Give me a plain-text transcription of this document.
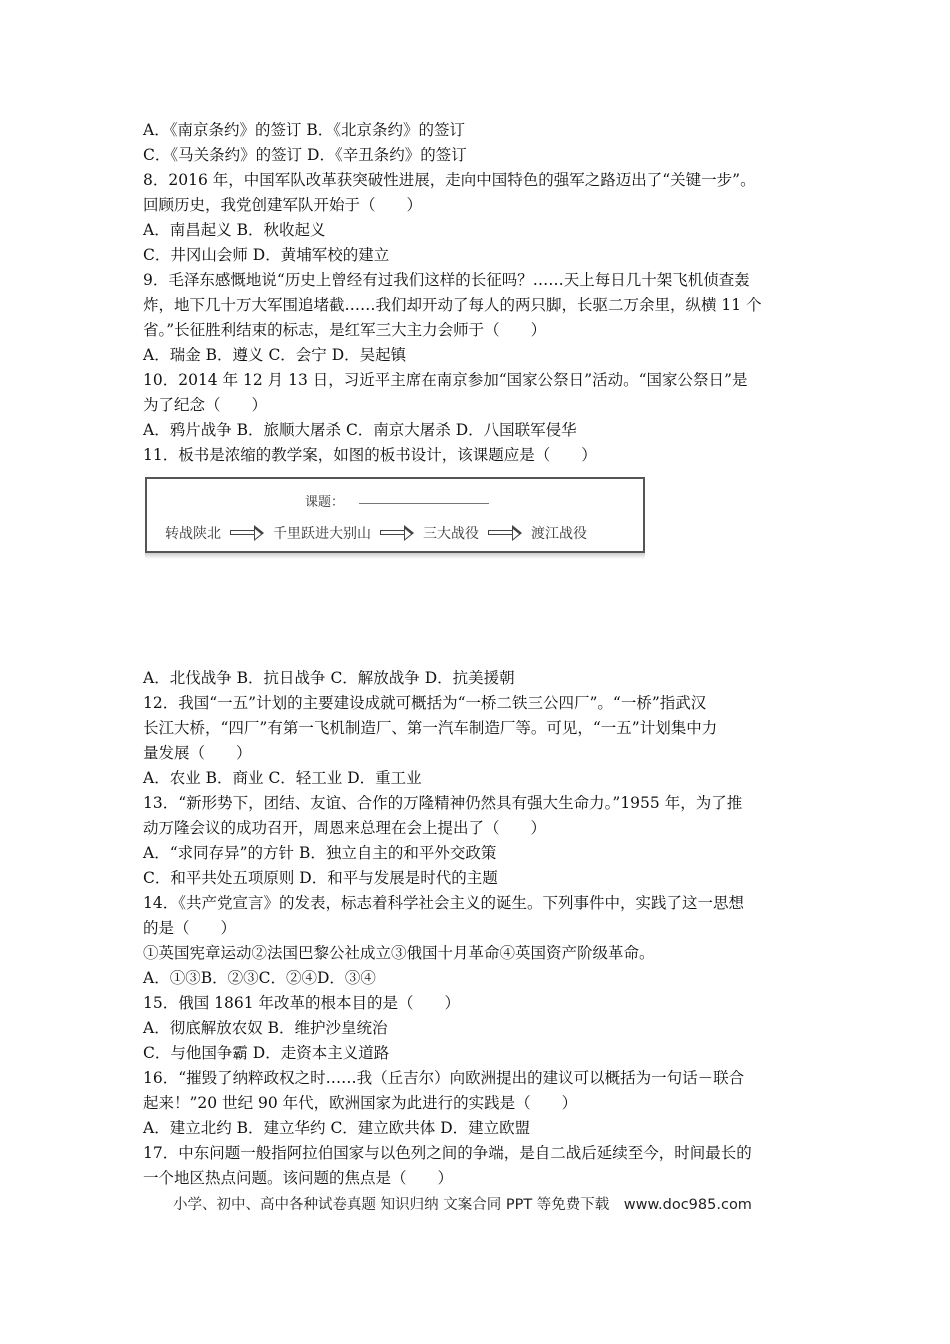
A．《南京条约》的签订 B．《北京条约》的签订
C．《马关条约》的签订 D．《辛丑条约》的签订
8．2016 年，中国军队改革获突破性进展，走向中国特色的强军之路迈出了“关键一步”。
回顾历史，我党创建军队开始于（　　）
A．南昌起义 B．秋收起义
C．井冈山会师 D．黄埔军校的建立
9．毛泽东感慨地说“历史上曾经有过我们这样的长征吗？……天上每日几十架飞机侦查轰
炸，地下几十万大军围追堵截……我们却开动了每人的两只脚，长驱二万余里，纵横 11 个
省。”长征胜利结束的标志，是红军三大主力会师于（　　）
A．瑞金 B．遵义 C．会宁 D．吴起镇
10．2014 年 12 月 13 日，习近平主席在南京参加“国家公祭日”活动。“国家公祭日”是
为了纪念（　　）
A．鸦片战争 B．旅顺大屠杀 C．南京大屠杀 D．八国联军侵华
11．板书是浓缩的教学案，如图的板书设计，该课题应是（　　）
课题：
转战陕北	千里跃进大别山	三大战役	渡江战役
A．北伐战争 B．抗日战争 C．解放战争 D．抗美援朝
12．我国“一五”计划的主要建设成就可概括为“一桥二铁三公四厂”。“一桥”指武汉
长江大桥，“四厂”有第一飞机制造厂、第一汽车制造厂等。可见，“一五”计划集中力
量发展（　　）
A．农业 B．商业 C．轻工业 D．重工业
13．“新形势下，团结、友谊、合作的万隆精神仍然具有强大生命力。”1955 年，为了推
动万隆会议的成功召开，周恩来总理在会上提出了（　　）
A．“求同存异”的方针 B．独立自主的和平外交政策
C．和平共处五项原则 D．和平与发展是时代的主题
14．《共产党宣言》的发表，标志着科学社会主义的诞生。下列事件中，实践了这一思想
的是（　　）
①英国宪章运动②法国巴黎公社成立③俄国十月革命④英国资产阶级革命。
A．①③B．②③C．②④D．③④
15．俄国 1861 年改革的根本目的是（　　）
A．彻底解放农奴 B．维护沙皇统治
C．与他国争霸 D．走资本主义道路
16．“摧毁了纳粹政权之时……我（丘吉尔）向欧洲提出的建议可以概括为一句话－联合
起来！”20 世纪 90 年代，欧洲国家为此进行的实践是（　　）
A．建立北约 B．建立华约 C．建立欧共体 D．建立欧盟
17．中东问题一般指阿拉伯国家与以色列之间的争端，是自二战后延续至今，时间最长的
一个地区热点问题。该问题的焦点是（　　）
小学、初中、高中各种试卷真题 知识归纳 文案合同 PPT 等免费下载　www.doc985.com
